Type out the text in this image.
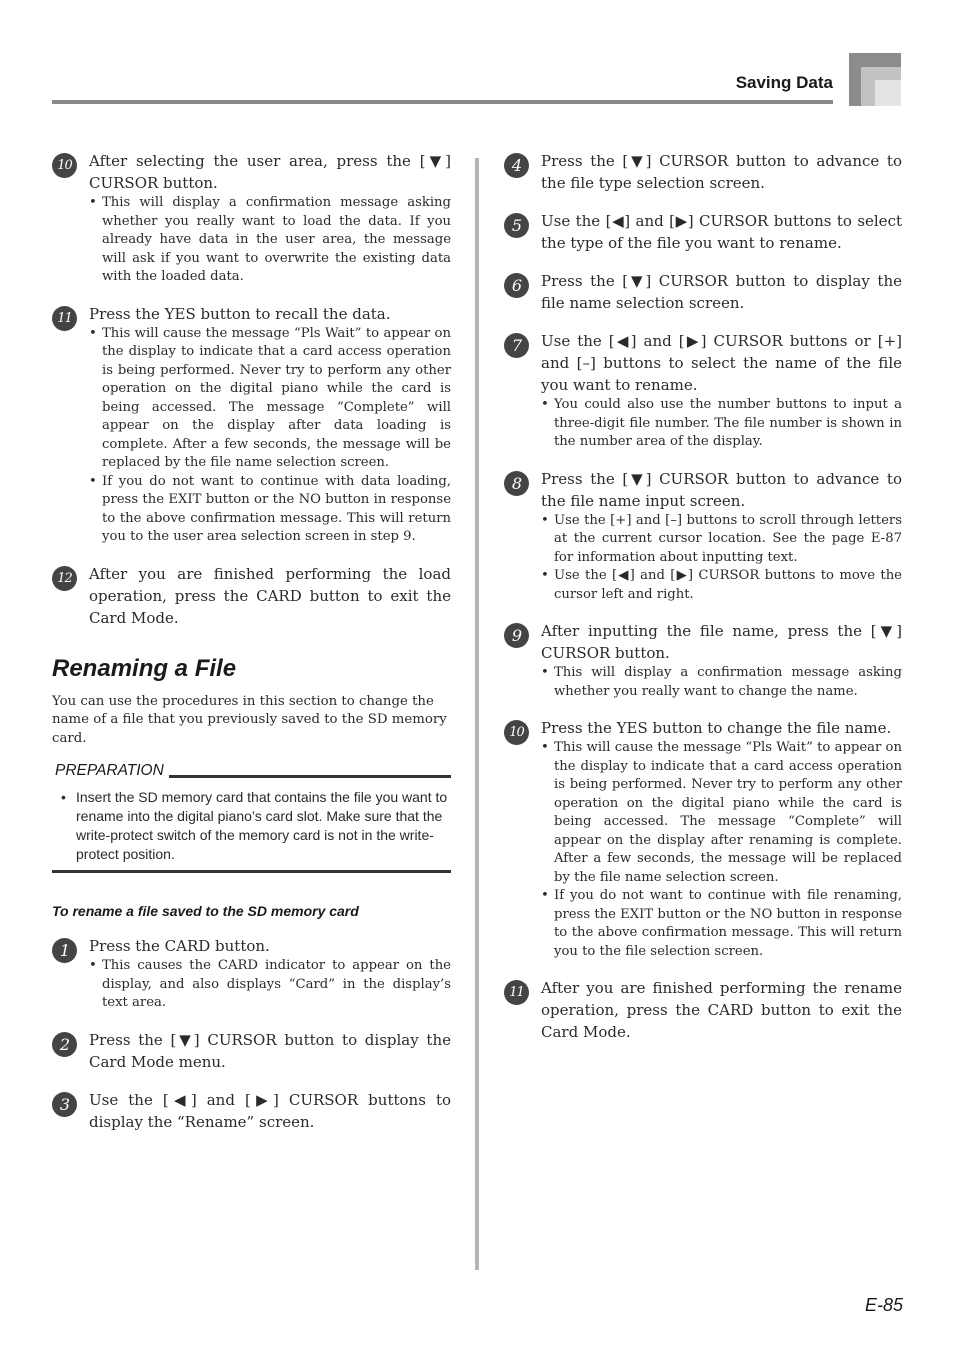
Saving Data
10	After selecting the user area, press the [▼] CURSOR button.

• This will display a confirmation message asking whether you really want to load the data. If you already have data in the user area, the message will ask if you want to overwrite the existing data with the loaded data.
11	Press the YES button to recall the data.

• This will cause the message “Pls Wait” to appear on the display to indicate that a card access operation is being performed. Never try to perform any other operation on the digital piano while the card is being accessed. The message “Complete” will appear on the display after data loading is complete. After a few seconds, the message will be replaced by the file name selection screen.
• If you do not want to continue with data loading, press the EXIT button or the NO button in response to the above confirmation message. This will return you to the user area selection screen in step 9.
12	After you are finished performing the load operation, press the CARD button to exit the Card Mode.

Renaming a File

You can use the procedures in this section to change the name of a file that you previously saved to the SD memory card.

PREPARATION
• Insert the SD memory card that contains the file you want to rename into the digital piano’s card slot. Make sure that the write-protect switch of the memory card is not in the write-protect position.
To rename a file saved to the SD memory card
1	Press the CARD button.

• This causes the CARD indicator to appear on the display, and also displays “Card” in the display’s text area.
2	Press the [▼] CURSOR button to display the Card Mode menu.

3	Use the [◀] and [▶] CURSOR buttons to display the “Rename” screen.

4	Press the [▼] CURSOR button to advance to the file type selection screen.

5	Use the [◀] and [▶] CURSOR buttons to select the type of the file you want to rename.

6	Press the [▼] CURSOR button to display the file name selection screen.

7	Use the [◀] and [▶] CURSOR buttons or [+] and [–] buttons to select the name of the file you want to rename.

• You could also use the number buttons to input a three-digit file number. The file number is shown in the number area of the display.
8	Press the [▼] CURSOR button to advance to the file name input screen.

• Use the [+] and [–] buttons to scroll through letters at the current cursor location. See the page E-87 for information about inputting text.
• Use the [◀] and [▶] CURSOR buttons to move the cursor left and right.
9	After inputting the file name, press the [▼] CURSOR button.

• This will display a confirmation message asking whether you really want to change the name.
10	Press the YES button to change the file name.

• This will cause the message “Pls Wait” to appear on the display to indicate that a card access operation is being performed. Never try to perform any other operation on the digital piano while the card is being accessed. The message “Complete” will appear on the display after renaming is complete. After a few seconds, the message will be replaced by the file name selection screen.
• If you do not want to continue with file renaming, press the EXIT button or the NO button in response to the above confirmation message. This will return you to the file selection screen.
11	After you are finished performing the rename operation, press the CARD button to exit the Card Mode.

E-85
